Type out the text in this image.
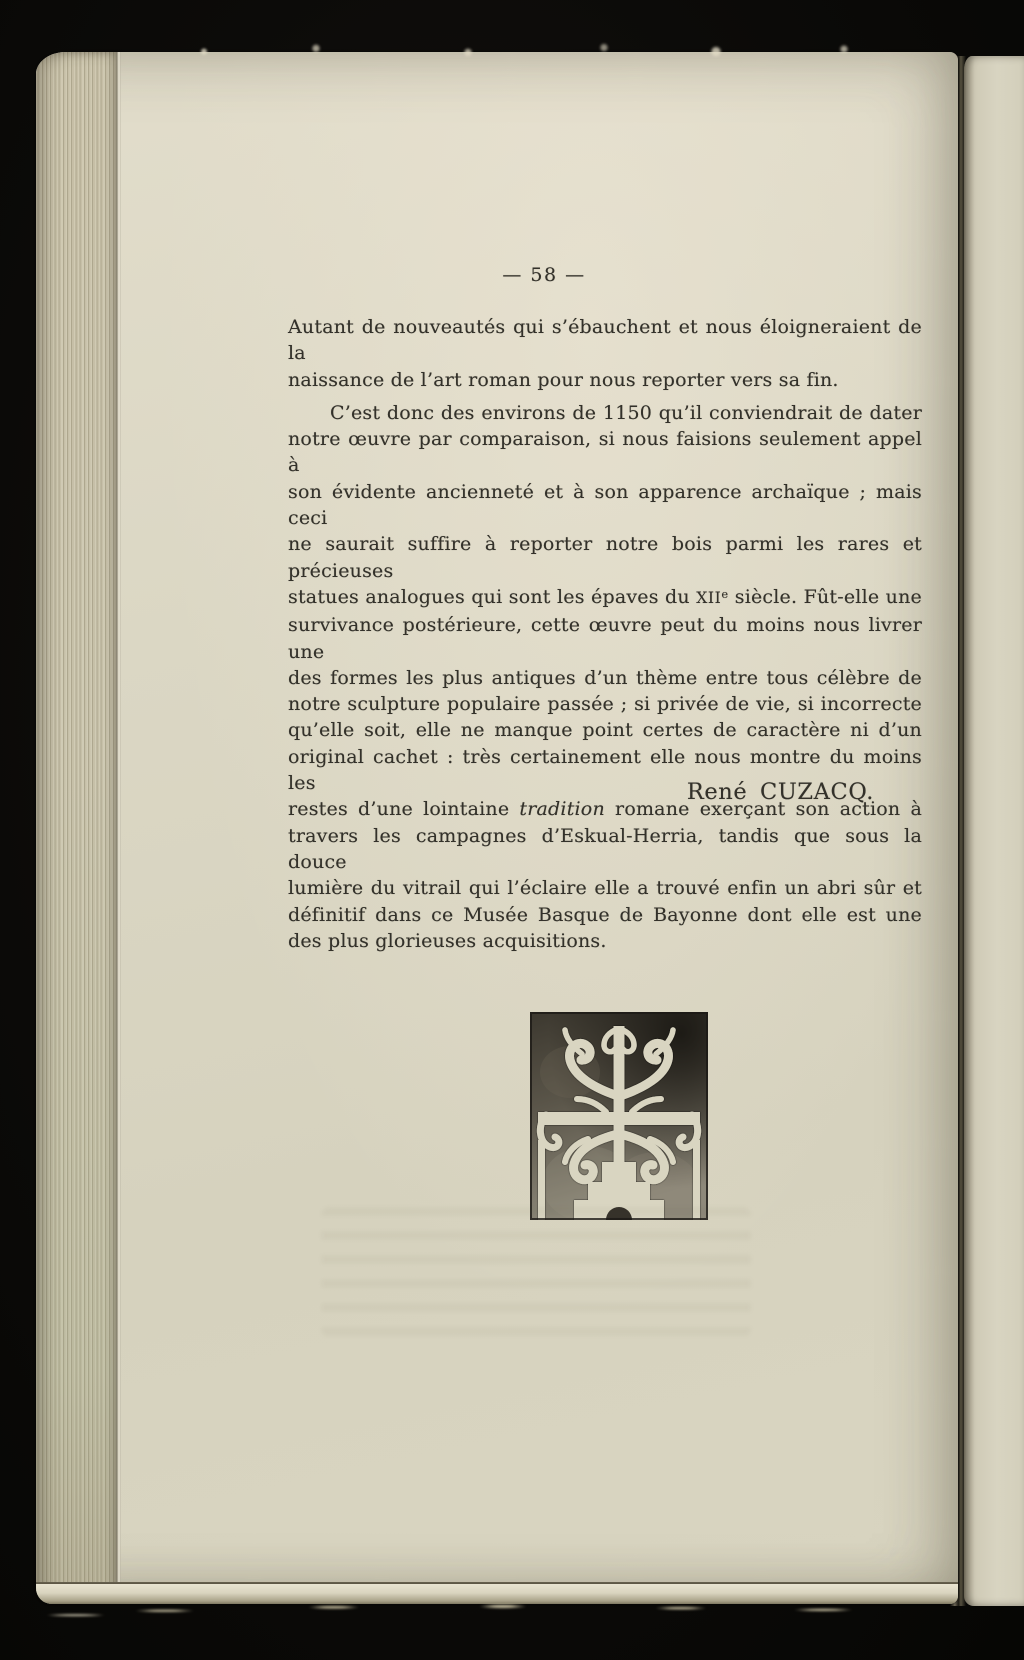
— 58 —
Autant de nouveautés qui s’ébauchent et nous éloigneraient de la
naissance de l’art roman pour nous reporter vers sa fin.
C’est donc des environs de 1150 qu’il conviendrait de dater
notre œuvre par comparaison, si nous faisions seulement appel à
son évidente ancienneté et à son apparence archaïque ; mais ceci
ne saurait suffire à reporter notre bois parmi les rares et précieuses
statues analogues qui sont les épaves du XIIe siècle. Fût-elle une
survivance postérieure, cette œuvre peut du moins nous livrer une
des formes les plus antiques d’un thème entre tous célèbre de
notre sculpture populaire passée ; si privée de vie, si incorrecte
qu’elle soit, elle ne manque point certes de caractère ni d’un
original cachet : très certainement elle nous montre du moins les
restes d’une lointaine tradition romane exerçant son action à
travers les campagnes d’Eskual-Herria, tandis que sous la douce
lumière du vitrail qui l’éclaire elle a trouvé enfin un abri sûr et
définitif dans ce Musée Basque de Bayonne dont elle est une
des plus glorieuses acquisitions.
René CUZACQ.
